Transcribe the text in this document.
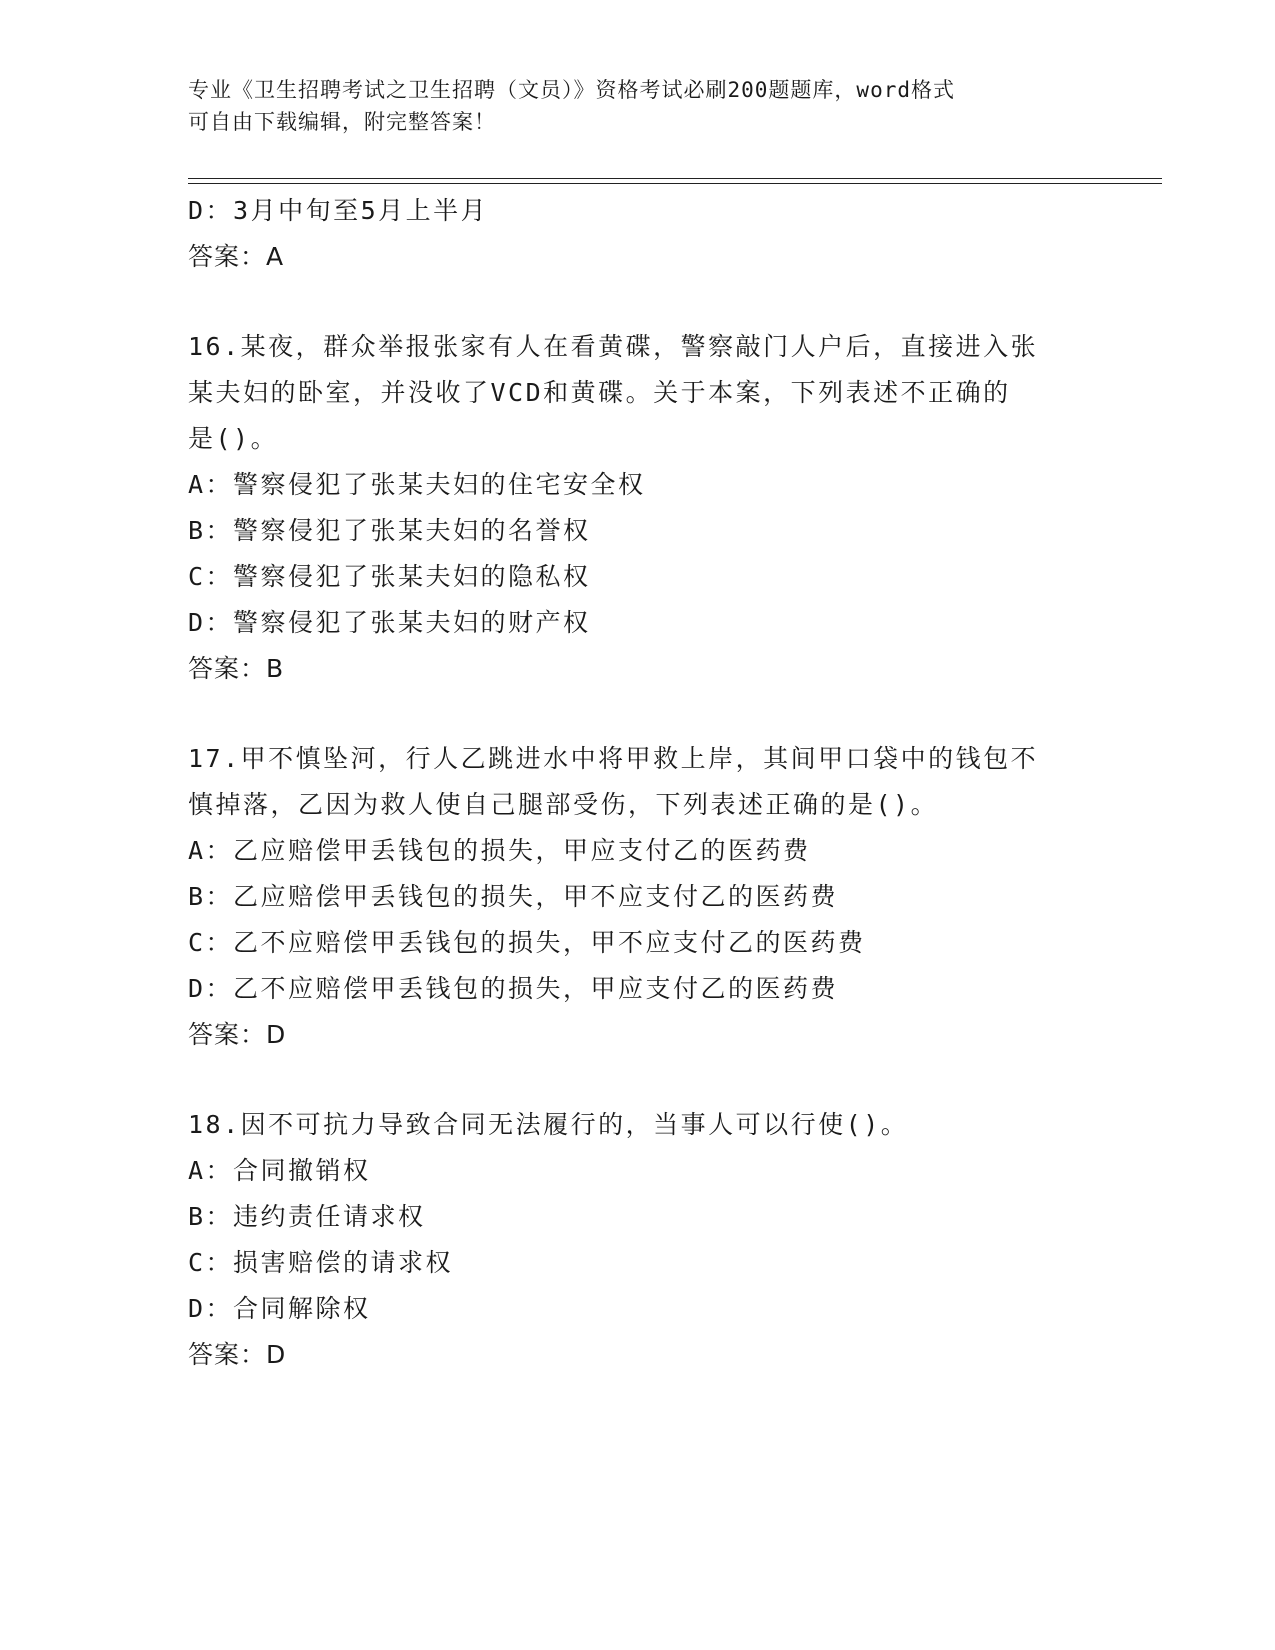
专业《卫生招聘考试之卫生招聘（文员）》资格考试必刷200题题库，word格式
可自由下载编辑，附完整答案！
D：3月中旬至5月上半月
答案：A
16.某夜，群众举报张家有人在看黄碟，警察敲门人户后，直接进入张
某夫妇的卧室，并没收了VCD和黄碟。关于本案，下列表述不正确的
是()。
A：警察侵犯了张某夫妇的住宅安全权
B：警察侵犯了张某夫妇的名誉权
C：警察侵犯了张某夫妇的隐私权
D：警察侵犯了张某夫妇的财产权
答案：B
17.甲不慎坠河，行人乙跳进水中将甲救上岸，其间甲口袋中的钱包不
慎掉落，乙因为救人使自己腿部受伤，下列表述正确的是()。
A：乙应赔偿甲丢钱包的损失，甲应支付乙的医药费
B：乙应赔偿甲丢钱包的损失，甲不应支付乙的医药费
C：乙不应赔偿甲丢钱包的损失，甲不应支付乙的医药费
D：乙不应赔偿甲丢钱包的损失，甲应支付乙的医药费
答案：D
18.因不可抗力导致合同无法履行的，当事人可以行使()。
A：合同撤销权
B：违约责任请求权
C：损害赔偿的请求权
D：合同解除权
答案：D
